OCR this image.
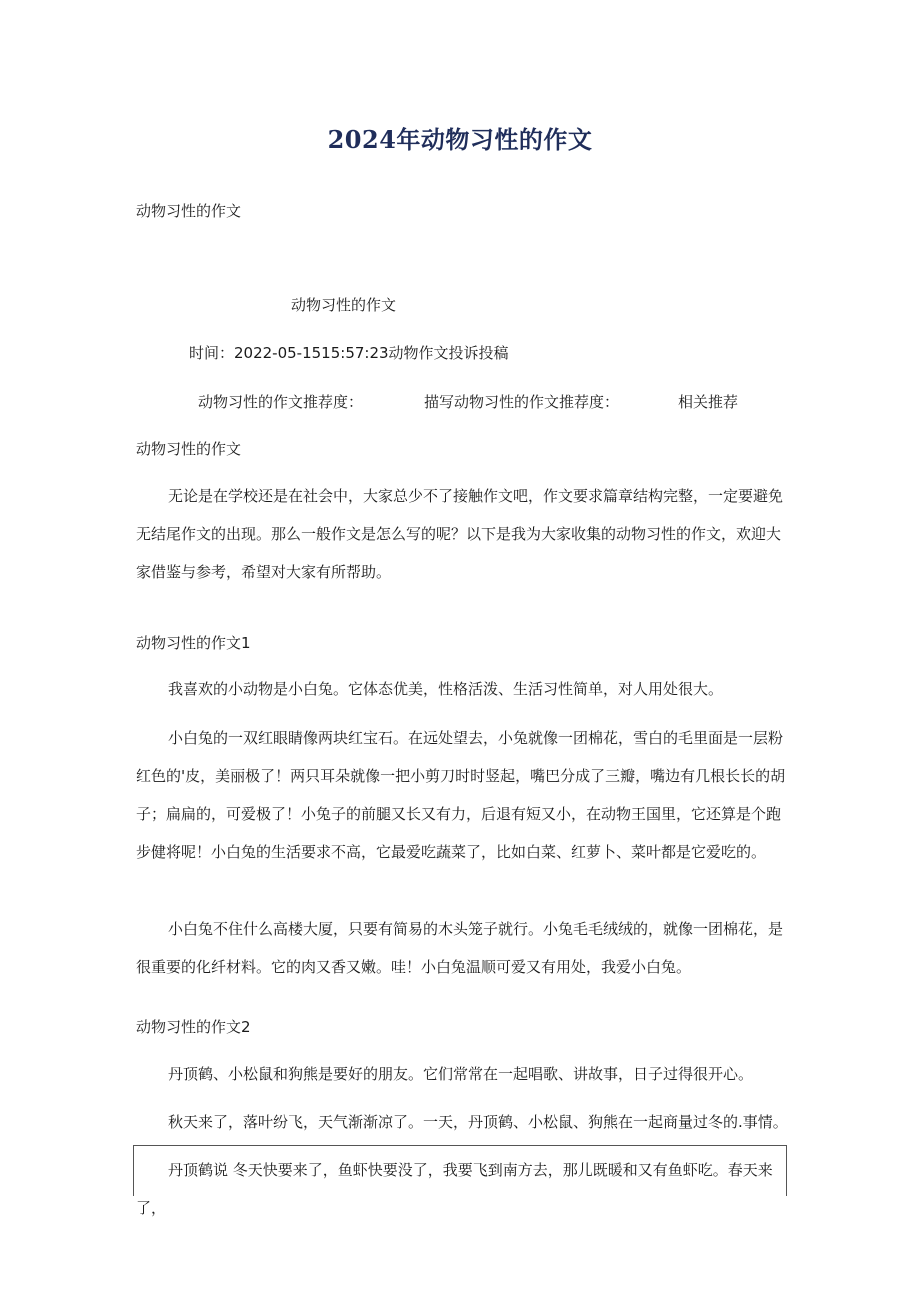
2024年动物习性的作文
动物习性的作文
动物习性的作文
时间：2022-05-1515:57:23动物作文投诉投稿
动物习性的作文推荐度：	描写动物习性的作文推荐度：	相关推荐
动物习性的作文
无论是在学校还是在社会中，大家总少不了接触作文吧，作文要求篇章结构完整，一定要避免无结尾作文的出现。那么一般作文是怎么写的呢？以下是我为大家收集的动物习性的作文，欢迎大家借鉴与参考，希望对大家有所帮助。
动物习性的作文1
我喜欢的小动物是小白兔。它体态优美，性格活泼、生活习性简单，对人用处很大。
小白兔的一双红眼睛像两块红宝石。在远处望去，小兔就像一团棉花，雪白的毛里面是一层粉红色的'皮，美丽极了！两只耳朵就像一把小剪刀时时竖起，嘴巴分成了三瓣，嘴边有几根长长的胡子；扁扁的，可爱极了！小兔子的前腿又长又有力，后退有短又小，在动物王国里，它还算是个跑步健将呢！小白兔的生活要求不高，它最爱吃蔬菜了，比如白菜、红萝卜、菜叶都是它爱吃的。
小白兔不住什么高楼大厦，只要有简易的木头笼子就行。小兔毛毛绒绒的，就像一团棉花，是很重要的化纤材料。它的肉又香又嫩。哇！小白兔温顺可爱又有用处，我爱小白兔。
动物习性的作文2
丹顶鹤、小松鼠和狗熊是要好的朋友。它们常常在一起唱歌、讲故事，日子过得很开心。
秋天来了，落叶纷飞，天气渐渐凉了。一天，丹顶鹤、小松鼠、狗熊在一起商量过冬的.事情。
丹顶鹤说 冬天快要来了，鱼虾快要没了，我要飞到南方去，那儿既暖和又有鱼虾吃。春天来了，
